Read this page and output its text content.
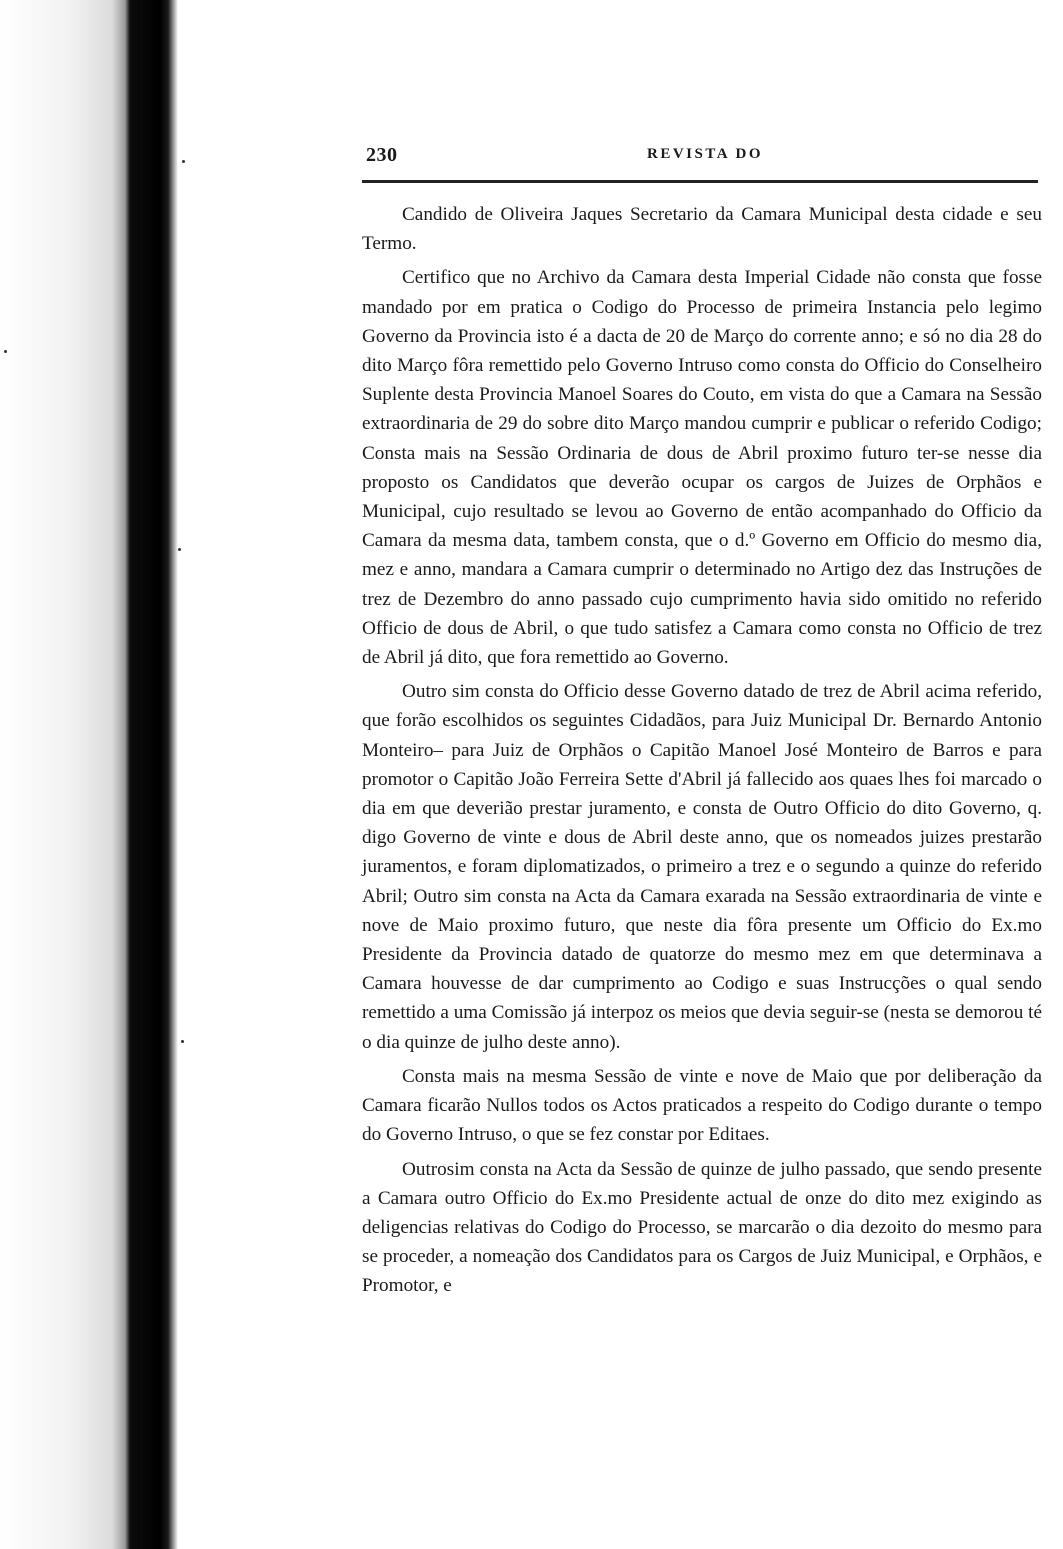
230	REVISTA DO

Candido de Oliveira Jaques Secretario da Camara Municipal desta cidade e seu Termo.

Certifico que no Archivo da Camara desta Imperial Cidade não consta que fosse mandado por em pratica o Codigo do Processo de primeira Instancia pelo legimo Governo da Provincia isto é a dacta de 20 de Março do corrente anno; e só no dia 28 do dito Março fôra remettido pelo Governo Intruso como consta do Officio do Conselheiro Suplente desta Provincia Manoel Soares do Couto, em vista do que a Camara na Sessão extraordinaria de 29 do sobre dito Março mandou cumprir e publicar o referido Codigo; Consta mais na Sessão Ordinaria de dous de Abril proximo futuro ter-se nesse dia proposto os Candidatos que deverão ocupar os cargos de Juizes de Orphãos e Municipal, cujo resultado se levou ao Governo de então acompanhado do Officio da Camara da mesma data, tambem consta, que o d.º Governo em Officio do mesmo dia, mez e anno, mandara a Camara cumprir o determinado no Artigo dez das Instruções de trez de Dezembro do anno passado cujo cumprimento havia sido omitido no referido Officio de dous de Abril, o que tudo satisfez a Camara como consta no Officio de trez de Abril já dito, que fora remettido ao Governo.

Outro sim consta do Officio desse Governo datado de trez de Abril acima referido, que forão escolhidos os seguintes Cidadãos, para Juiz Municipal Dr. Bernardo Antonio Monteiro– para Juiz de Orphãos o Capitão Manoel José Monteiro de Barros e para promotor o Capitão João Ferreira Sette d'Abril já fallecido aos quaes lhes foi marcado o dia em que deverião prestar juramento, e consta de Outro Officio do dito Governo, q. digo Governo de vinte e dous de Abril deste anno, que os nomeados juizes prestarão juramentos, e foram diplomatizados, o primeiro a trez e o segundo a quinze do referido Abril; Outro sim consta na Acta da Camara exarada na Sessão extraordinaria de vinte e nove de Maio proximo futuro, que neste dia fôra presente um Officio do Ex.mo Presidente da Provincia datado de quatorze do mesmo mez em que determinava a Camara houvesse de dar cumprimento ao Codigo e suas Instrucções o qual sendo remettido a uma Comissão já interpoz os meios que devia seguir-se (nesta se demorou té o dia quinze de julho deste anno).

Consta mais na mesma Sessão de vinte e nove de Maio que por deliberação da Camara ficarão Nullos todos os Actos praticados a respeito do Codigo durante o tempo do Governo Intruso, o que se fez constar por Editaes.

Outrosim consta na Acta da Sessão de quinze de julho passado, que sendo presente a Camara outro Officio do Ex.mo Presidente actual de onze do dito mez exigindo as deligencias relativas do Codigo do Processo, se marcarão o dia dezoito do mesmo para se proceder, a nomeação dos Candidatos para os Cargos de Juiz Municipal, e Orphãos, e Promotor, e
